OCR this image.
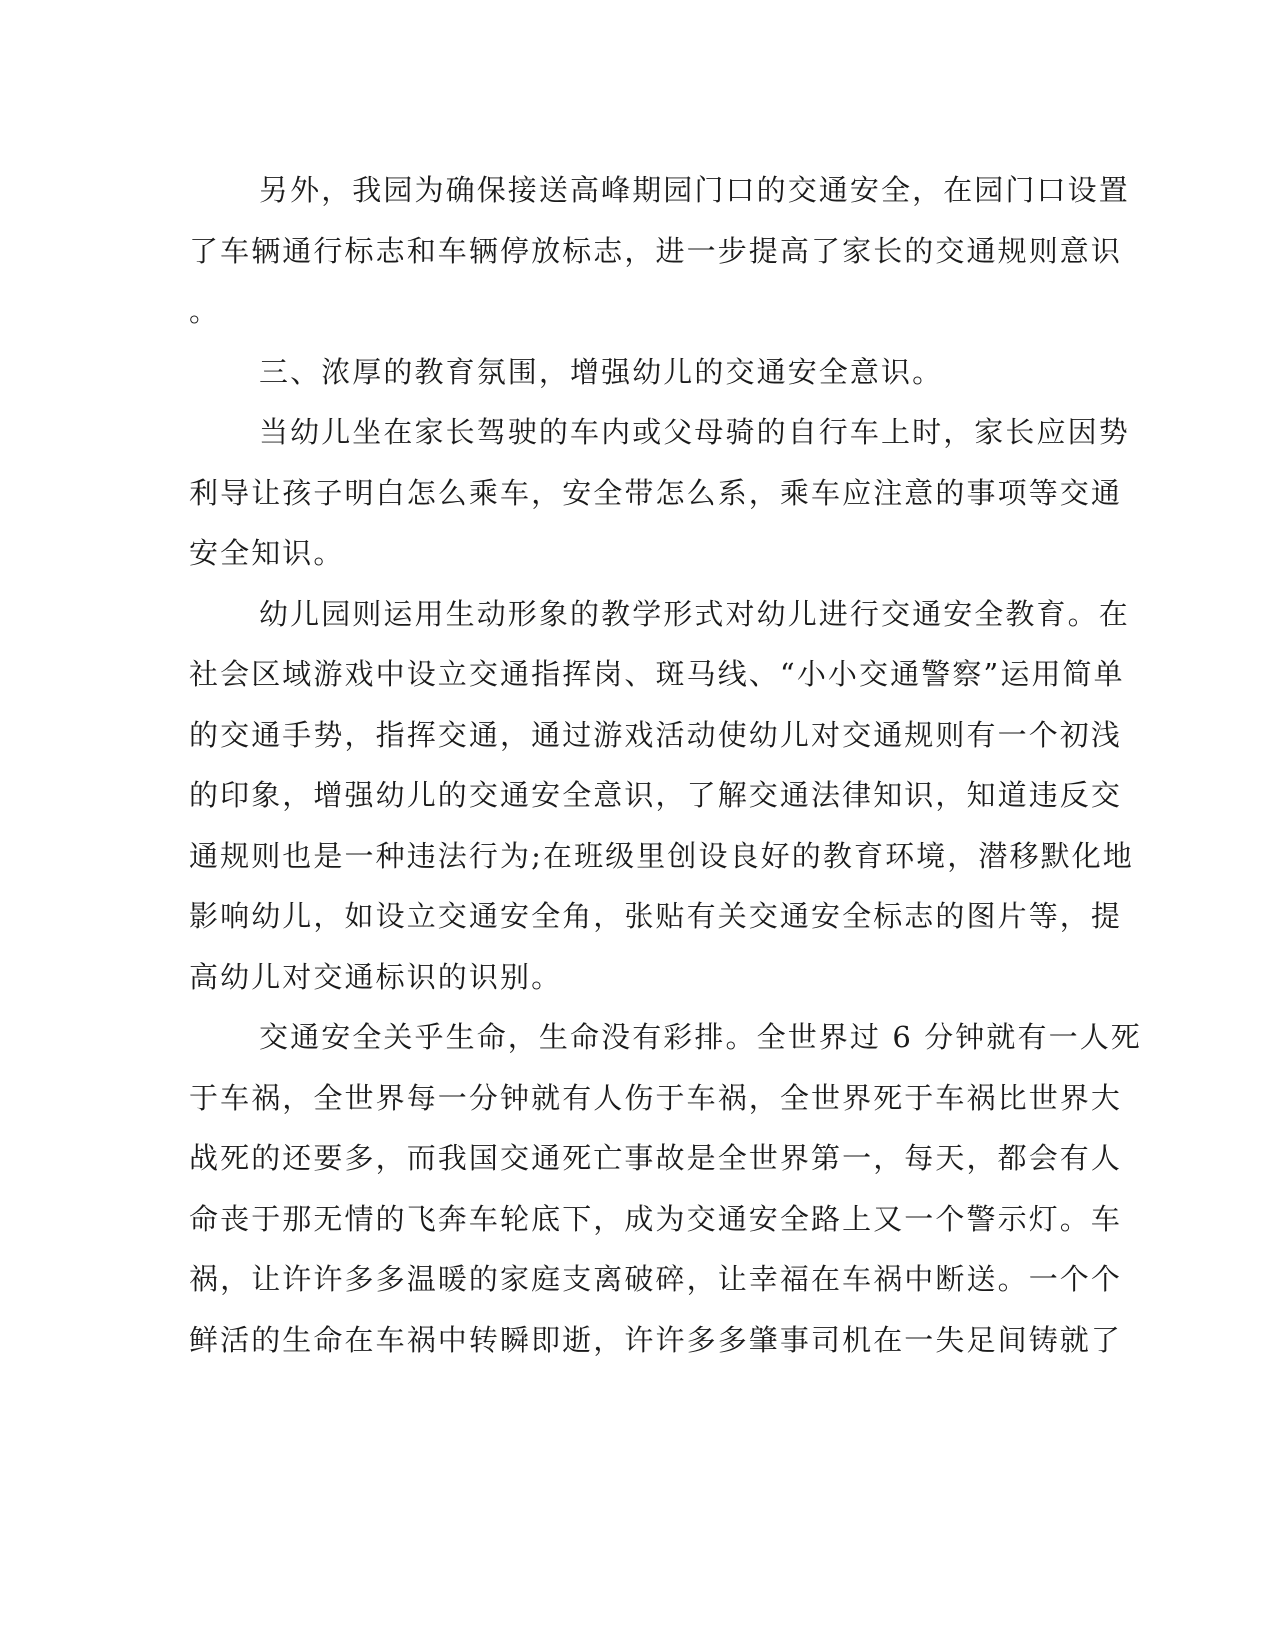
另外，我园为确保接送高峰期园门口的交通安全，在园门口设置
了车辆通行标志和车辆停放标志，进一步提高了家长的交通规则意识
。
三、浓厚的教育氛围，增强幼儿的交通安全意识。
当幼儿坐在家长驾驶的车内或父母骑的自行车上时，家长应因势
利导让孩子明白怎么乘车，安全带怎么系，乘车应注意的事项等交通
安全知识。
幼儿园则运用生动形象的教学形式对幼儿进行交通安全教育。在
社会区域游戏中设立交通指挥岗、斑马线、“小小交通警察”运用简单
的交通手势，指挥交通，通过游戏活动使幼儿对交通规则有一个初浅
的印象，增强幼儿的交通安全意识，了解交通法律知识，知道违反交
通规则也是一种违法行为;在班级里创设良好的教育环境，潜移默化地
影响幼儿，如设立交通安全角，张贴有关交通安全标志的图片等，提
高幼儿对交通标识的识别。
交通安全关乎生命，生命没有彩排。全世界过 6 分钟就有一人死
于车祸，全世界每一分钟就有人伤于车祸，全世界死于车祸比世界大
战死的还要多，而我国交通死亡事故是全世界第一，每天，都会有人
命丧于那无情的飞奔车轮底下，成为交通安全路上又一个警示灯。车
祸，让许许多多温暖的家庭支离破碎，让幸福在车祸中断送。一个个
鲜活的生命在车祸中转瞬即逝，许许多多肇事司机在一失足间铸就了
